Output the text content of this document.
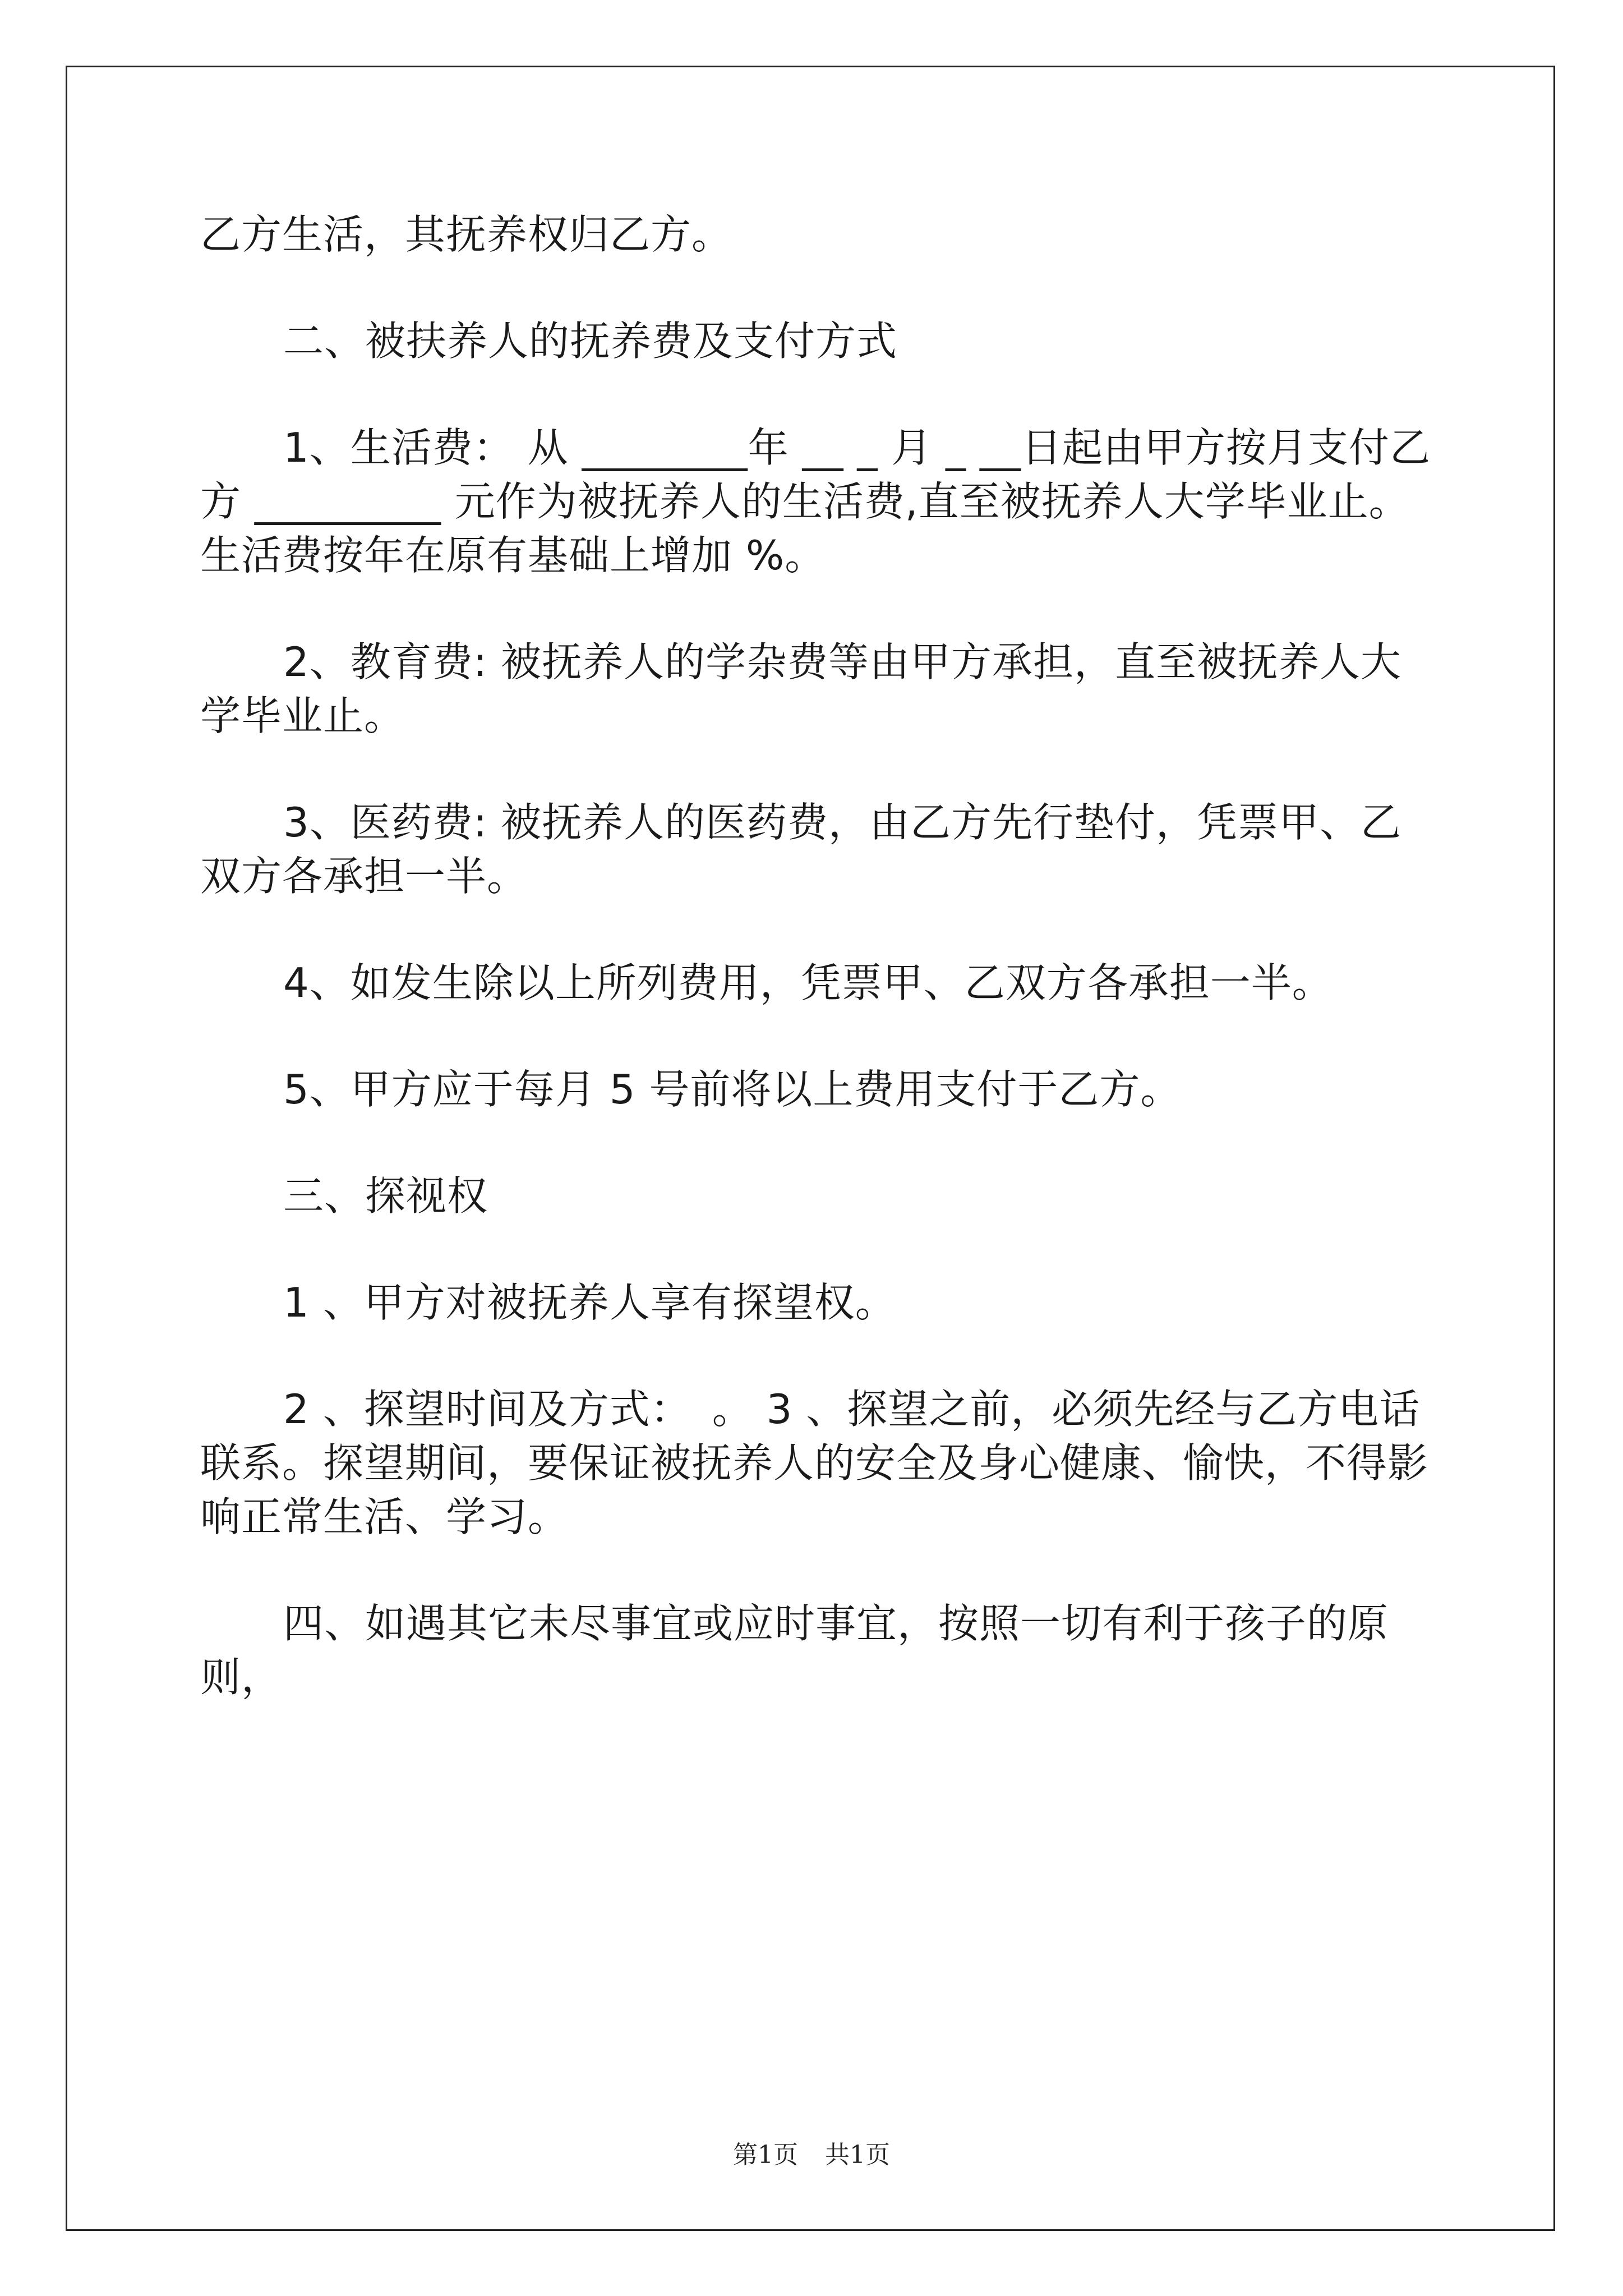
乙方生活，其抚养权归乙方。

二、被扶养人的抚养费及支付方式

1、生活费： 从 ________年 __ _ 月 _ __日起由甲方按月支付乙方 _________ 元作为被抚养人的生活费,直至被抚养人大学毕业止。生活费按年在原有基础上增加 %。

2、教育费: 被抚养人的学杂费等由甲方承担，直至被抚养人大学毕业止。

3、医药费: 被抚养人的医药费，由乙方先行垫付，凭票甲、乙双方各承担一半。

4、如发生除以上所列费用，凭票甲、乙双方各承担一半。

5、甲方应于每月 5 号前将以上费用支付于乙方。

三、探视权

1 、甲方对被抚养人享有探望权。

2 、探望时间及方式：　。 3 、探望之前，必须先经与乙方电话联系。探望期间，要保证被抚养人的安全及身心健康、愉快，不得影响正常生活、学习。

四、如遇其它未尽事宜或应时事宜，按照一切有利于孩子的原则，

第1页 共1页
